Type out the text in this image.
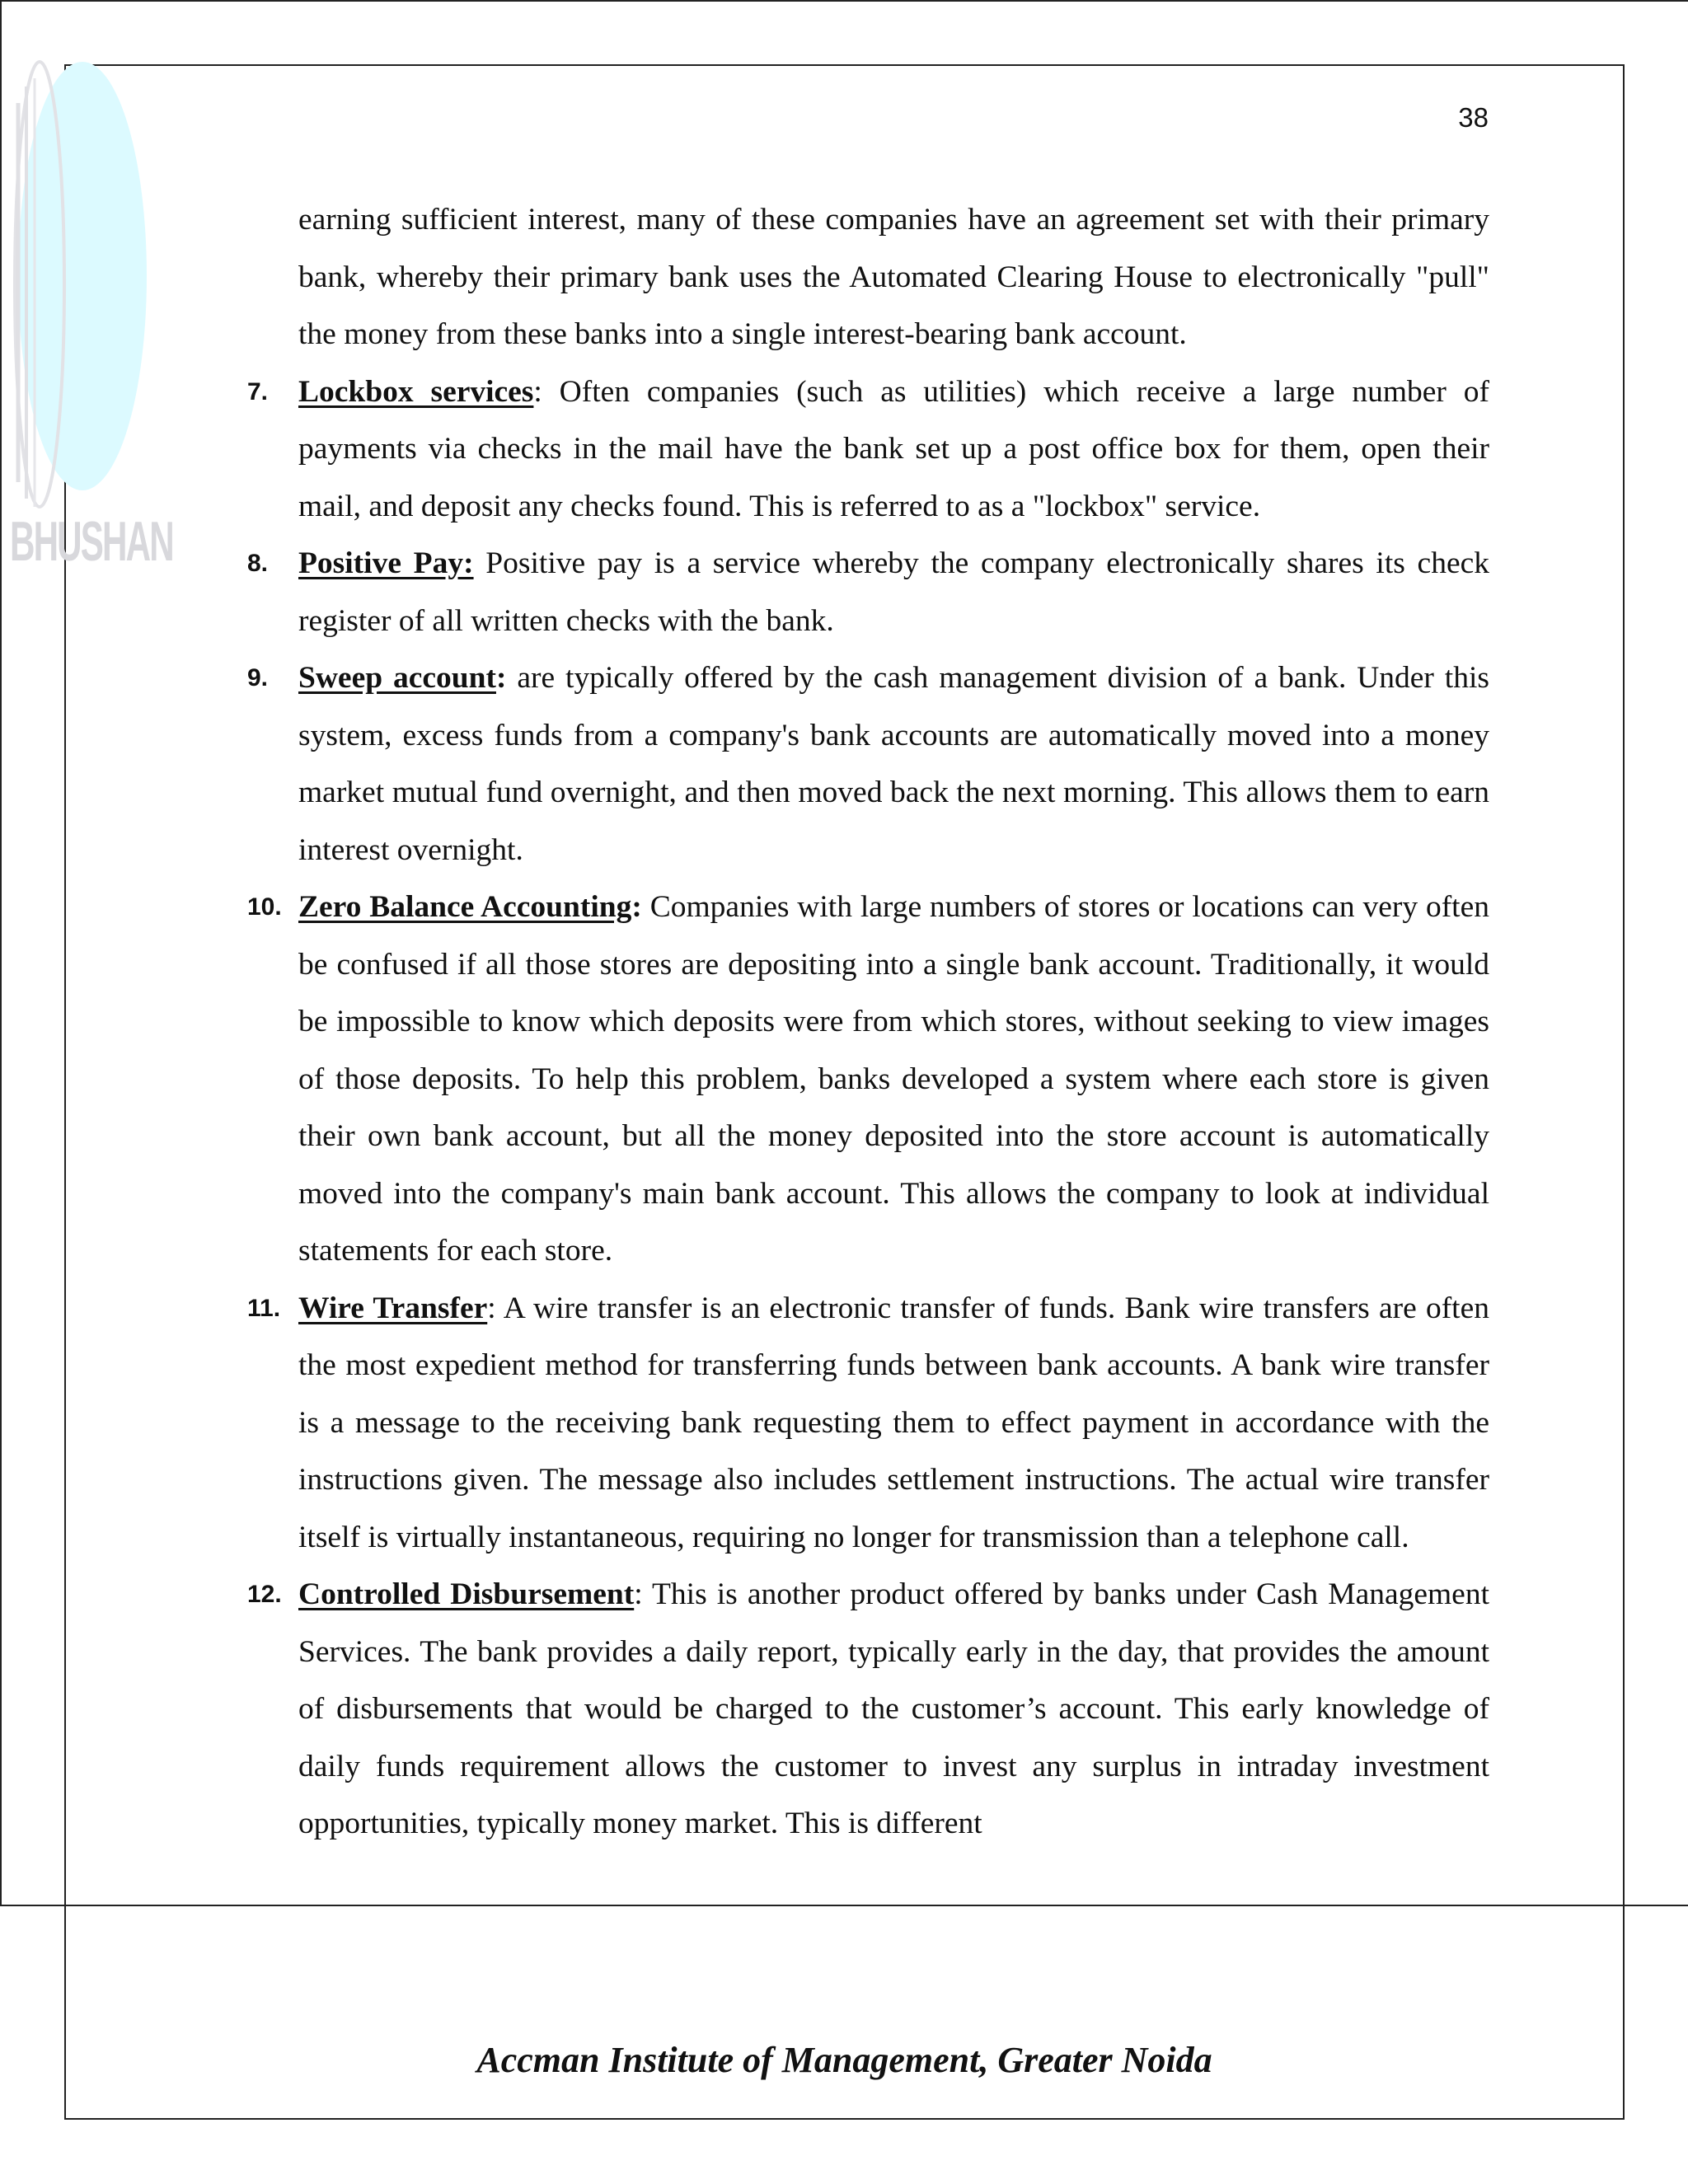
BHUSHAN
38

earning sufficient interest, many of these companies have an agreement set with their primary bank, whereby their primary bank uses the Automated Clearing House to electronically "pull" the money from these banks into a single interest-bearing bank account.

7. Lockbox services: Often companies (such as utilities) which receive a large number of payments via checks in the mail have the bank set up a post office box for them, open their mail, and deposit any checks found. This is referred to as a "lockbox" service.

8. Positive Pay: Positive pay is a service whereby the company electronically shares its check register of all written checks with the bank.

9. Sweep account: are typically offered by the cash management division of a bank. Under this system, excess funds from a company's bank accounts are automatically moved into a money market mutual fund overnight, and then moved back the next morning. This allows them to earn interest overnight.

10. Zero Balance Accounting: Companies with large numbers of stores or locations can very often be confused if all those stores are depositing into a single bank account. Traditionally, it would be impossible to know which deposits were from which stores, without seeking to view images of those deposits. To help this problem, banks developed a system where each store is given their own bank account, but all the money deposited into the store account is automatically moved into the company's main bank account. This allows the company to look at individual statements for each store.

11. Wire Transfer: A wire transfer is an electronic transfer of funds. Bank wire transfers are often the most expedient method for transferring funds between bank accounts. A bank wire transfer is a message to the receiving bank requesting them to effect payment in accordance with the instructions given. The message also includes settlement instructions. The actual wire transfer itself is virtually instantaneous, requiring no longer for transmission than a telephone call.

12. Controlled Disbursement: This is another product offered by banks under Cash Management Services. The bank provides a daily report, typically early in the day, that provides the amount of disbursements that would be charged to the customer’s account. This early knowledge of daily funds requirement allows the customer to invest any surplus in intraday investment opportunities, typically money market. This is different

Accman Institute of Management, Greater Noida
